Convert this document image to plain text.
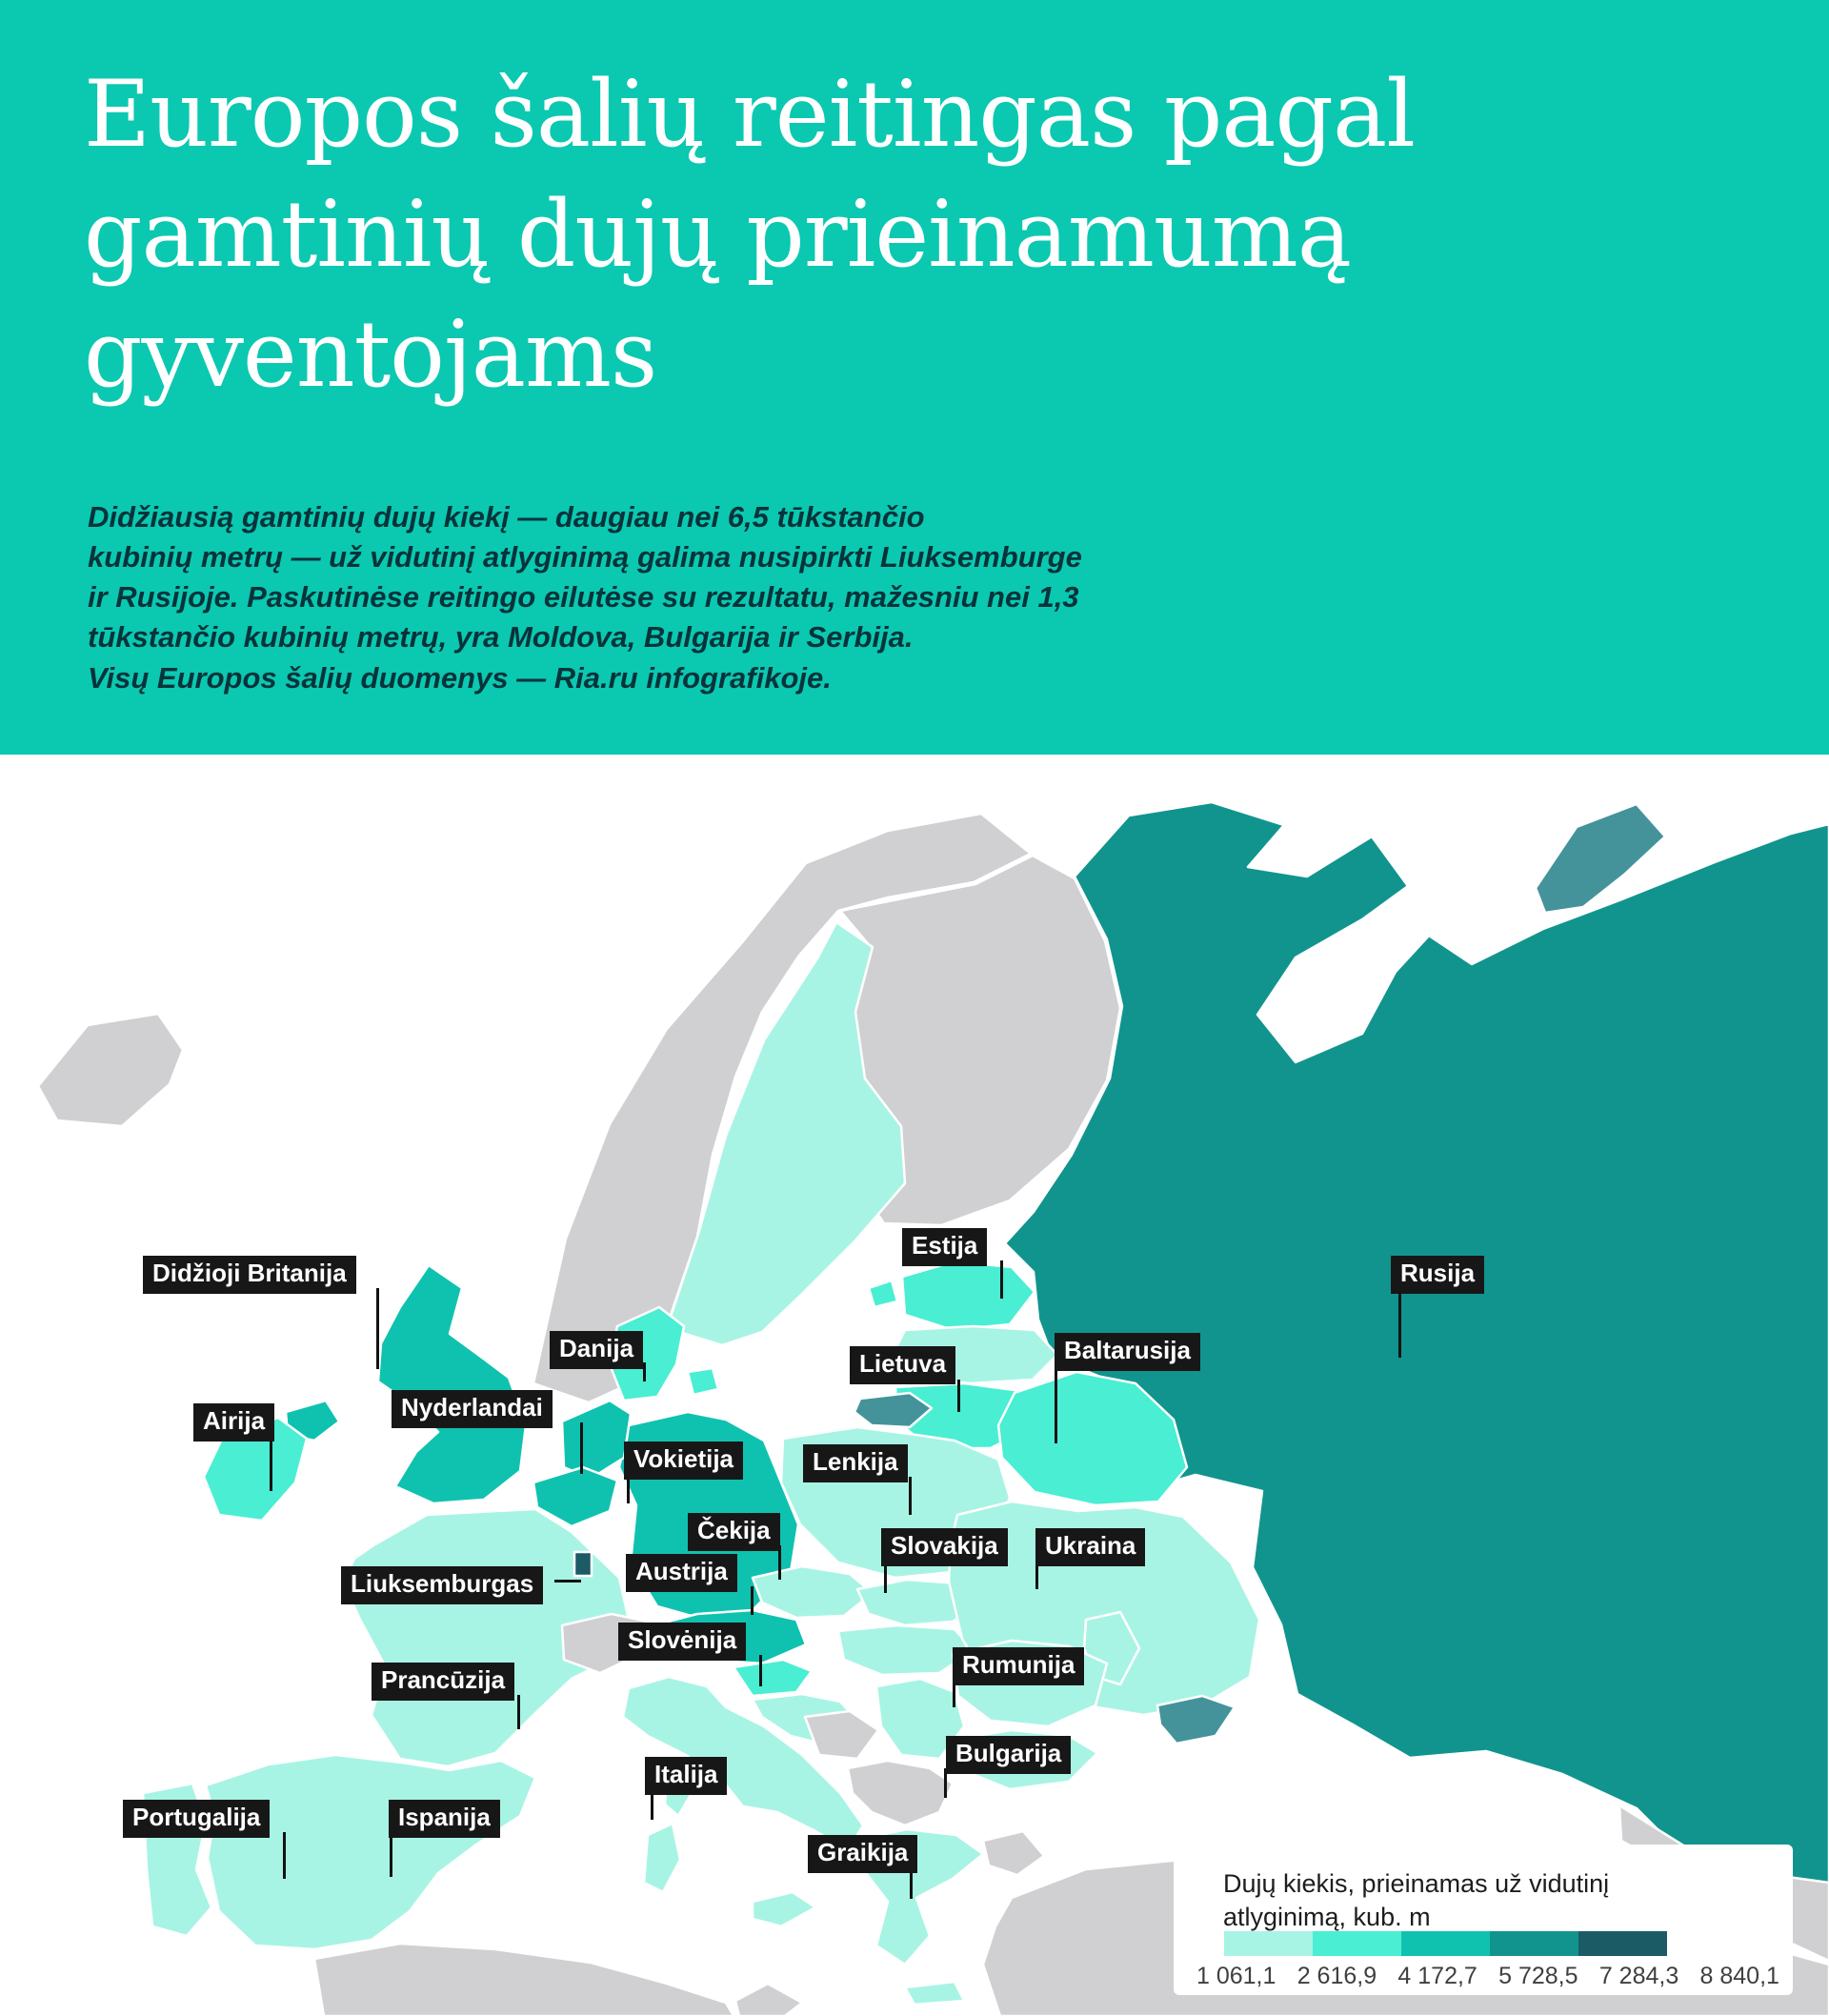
Europos šalių reitingas pagal
gamtinių dujų prieinamumą
gyventojams

Didžiausią gamtinių dujų kiekį — daugiau nei 6,5 tūkstančio
kubinių metrų — už vidutinį atlyginimą galima nusipirkti Liuksemburge
ir Rusijoje. Paskutinėse reitingo eilutėse su rezultatu, mažesniu nei 1,3
tūkstančio kubinių metrų, yra Moldova, Bulgarija ir Serbija.
Visų Europos šalių duomenys — Ria.ru infografikoje.

Didžioji Britanija
Airija
Danija
Nyderlandai
Vokietija	Lenkija
Čekija
Estija
Lietuva	Baltarusija
Rusija
Slovakija	Ukraina
Austrija
Liuksemburgas
Slovėnija
Rumunija
Prancūzija
Bulgarija
Italija
Portugalija	Ispanija
Graikija
Dujų kiekis, prieinamas už vidutinį
atlyginimą, kub. m
1 061,1 2 616,9 4 172,7 5 728,5 7 284,3 8 840,1
